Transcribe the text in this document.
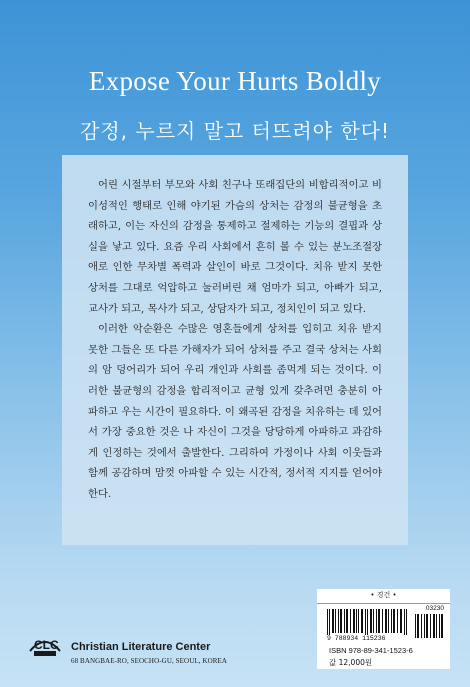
Expose Your Hurts Boldly
감정, 누르지 말고 터뜨려야 한다!

어린 시절부터 부모와 사회 친구나 또래집단의 비합리적이고 비이성적인 행태로 인해 야기된 가슴의 상처는 감정의 불균형을 초래하고, 이는 자신의 감정을 통제하고 절제하는 기능의 결핍과 상실을 낳고 있다. 요즘 우리 사회에서 흔히 볼 수 있는 분노조절장애로 인한 무차별 폭력과 살인이 바로 그것이다. 치유 받지 못한 상처를 그대로 억압하고 눌러버린 채 엄마가 되고, 아빠가 되고, 교사가 되고, 목사가 되고, 상담자가 되고, 정치인이 되고 있다.

이러한 악순환은 수많은 영혼들에게 상처를 입히고 치유 받지 못한 그들은 또 다른 가해자가 되어 상처를 주고 결국 상처는 사회의 암 덩어리가 되어 우리 개인과 사회를 좀먹게 되는 것이다. 이러한 불균형의 감정을 합리적이고 균형 있게 갖추려면 충분히 아파하고 우는 시간이 필요하다. 이 왜곡된 감정을 치유하는 데 있어서 가장 중요한 것은 나 자신이 그것을 당당하게 아파하고 과감하게 인정하는 것에서 출발한다. 그리하여 가정이나 사회 이웃들과 함께 공감하며 맘껏 아파할 수 있는 시간적, 정서적 지지를 얻어야 한다.

CLC Christian Literature Center
68 BANGBAE-RO, SEOCHO-GU, SEOUL, KOREA
• 경건 •
9 788934 115236
03230
ISBN 978-89-341-1523-6
값 12,000원
